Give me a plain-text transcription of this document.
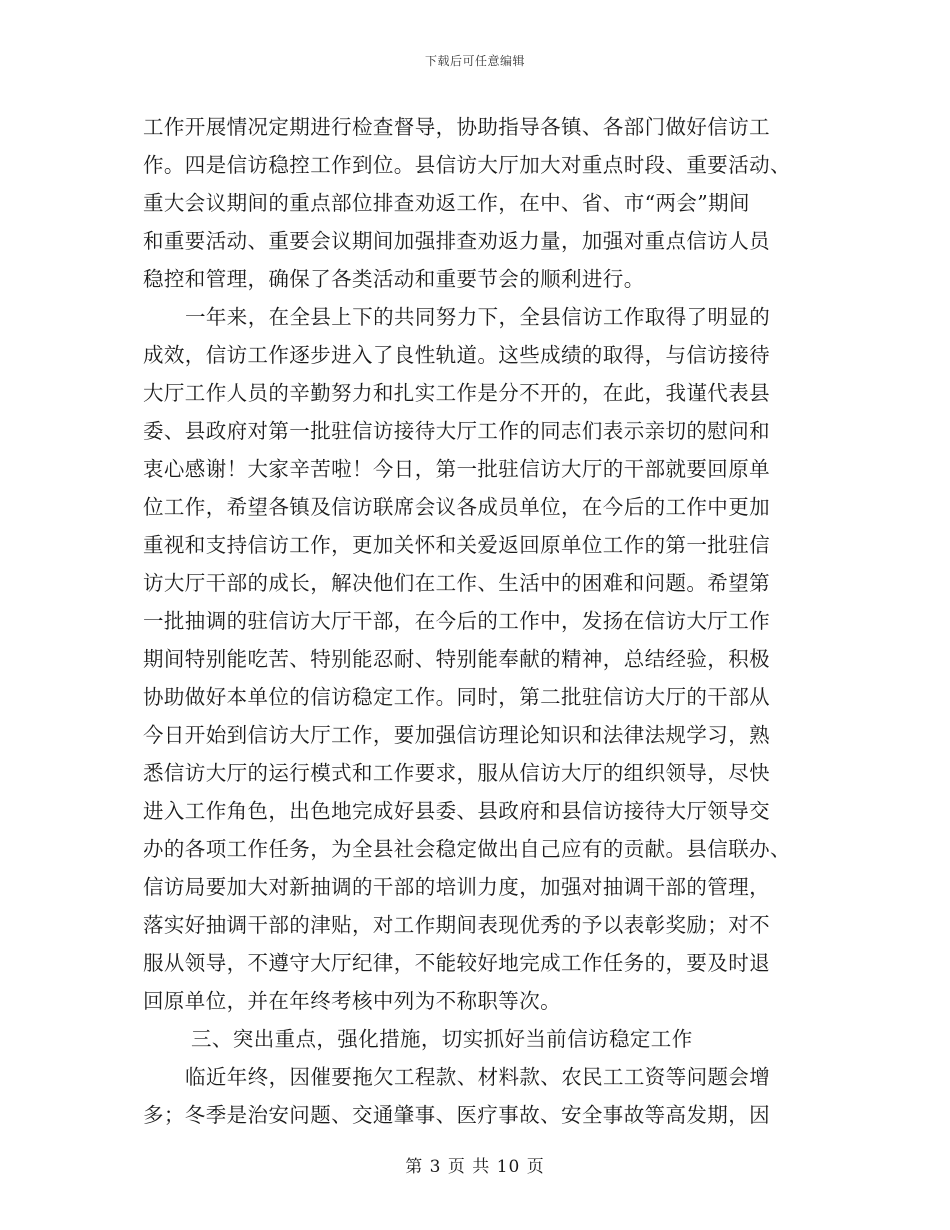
下载后可任意编辑
工作开展情况定期进行检查督导，协助指导各镇、各部门做好信访工
作。四是信访稳控工作到位。县信访大厅加大对重点时段、重要活动、
重大会议期间的重点部位排查劝返工作，在中、省、市“两会”期间
和重要活动、重要会议期间加强排查劝返力量，加强对重点信访人员
稳控和管理，确保了各类活动和重要节会的顺利进行。
一年来，在全县上下的共同努力下，全县信访工作取得了明显的
成效，信访工作逐步进入了良性轨道。这些成绩的取得，与信访接待
大厅工作人员的辛勤努力和扎实工作是分不开的，在此，我谨代表县
委、县政府对第一批驻信访接待大厅工作的同志们表示亲切的慰问和
衷心感谢！大家辛苦啦！今日，第一批驻信访大厅的干部就要回原单
位工作，希望各镇及信访联席会议各成员单位，在今后的工作中更加
重视和支持信访工作，更加关怀和关爱返回原单位工作的第一批驻信
访大厅干部的成长，解决他们在工作、生活中的困难和问题。希望第
一批抽调的驻信访大厅干部，在今后的工作中，发扬在信访大厅工作
期间特别能吃苦、特别能忍耐、特别能奉献的精神，总结经验，积极
协助做好本单位的信访稳定工作。同时，第二批驻信访大厅的干部从
今日开始到信访大厅工作，要加强信访理论知识和法律法规学习，熟
悉信访大厅的运行模式和工作要求，服从信访大厅的组织领导，尽快
进入工作角色，出色地完成好县委、县政府和县信访接待大厅领导交
办的各项工作任务，为全县社会稳定做出自己应有的贡献。县信联办、
信访局要加大对新抽调的干部的培训力度，加强对抽调干部的管理，
落实好抽调干部的津贴，对工作期间表现优秀的予以表彰奖励；对不
服从领导，不遵守大厅纪律，不能较好地完成工作任务的，要及时退
回原单位，并在年终考核中列为不称职等次。
三、突出重点，强化措施，切实抓好当前信访稳定工作
临近年终，因催要拖欠工程款、材料款、农民工工资等问题会增
多；冬季是治安问题、交通肇事、医疗事故、安全事故等高发期，因
第 3 页 共 10 页
